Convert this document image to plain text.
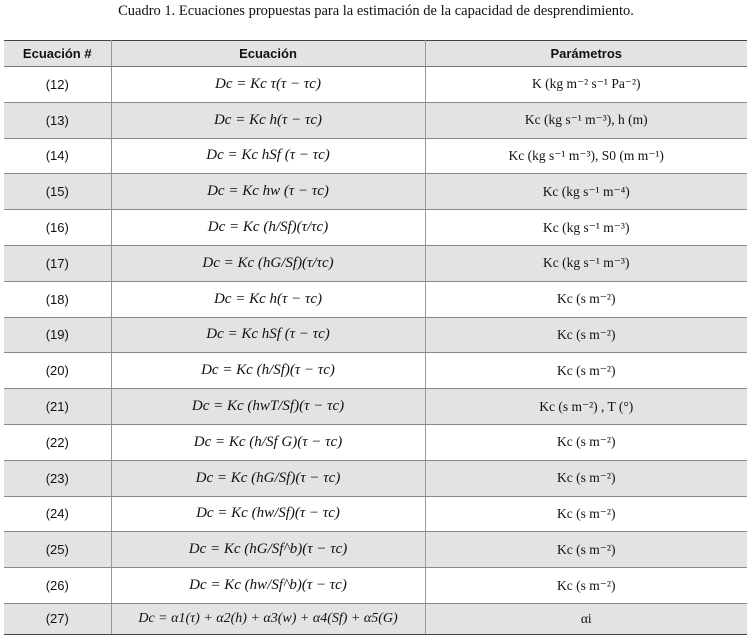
Cuadro 1. Ecuaciones propuestas para la estimación de la capacidad de desprendimiento.
Ecuación #	Ecuación	Parámetros
(12)	Dc = Kc τ(τ − τc)	K (kg m⁻² s⁻¹ Pa⁻²)
(13)	Dc = Kc h(τ − τc)	Kc (kg s⁻¹ m⁻³), h (m)
(14)	Dc = Kc hSf (τ − τc)	Kc (kg s⁻¹ m⁻³), S0 (m m⁻¹)
(15)	Dc = Kc hw (τ − τc)	Kc (kg s⁻¹ m⁻⁴)
(16)	Dc = Kc (h/Sf)(τ/τc)	Kc (kg s⁻¹ m⁻³)
(17)	Dc = Kc (hG/Sf)(τ/τc)	Kc (kg s⁻¹ m⁻³)
(18)	Dc = Kc h(τ − τc)	Kc (s m⁻²)
(19)	Dc = Kc hSf (τ − τc)	Kc (s m⁻²)
(20)	Dc = Kc (h/Sf)(τ − τc)	Kc (s m⁻²)
(21)	Dc = Kc (hwT/Sf)(τ − τc)	Kc (s m⁻²) , T (°)
(22)	Dc = Kc (h/Sf G)(τ − τc)	Kc (s m⁻²)
(23)	Dc = Kc (hG/Sf)(τ − τc)	Kc (s m⁻²)
(24)	Dc = Kc (hw/Sf)(τ − τc)	Kc (s m⁻²)
(25)	Dc = Kc (hG/Sf^b)(τ − τc)	Kc (s m⁻²)
(26)	Dc = Kc (hw/Sf^b)(τ − τc)	Kc (s m⁻²)
(27)	Dc = α1(τ) + α2(h) + α3(w) + α4(Sf) + α5(G)	αi
